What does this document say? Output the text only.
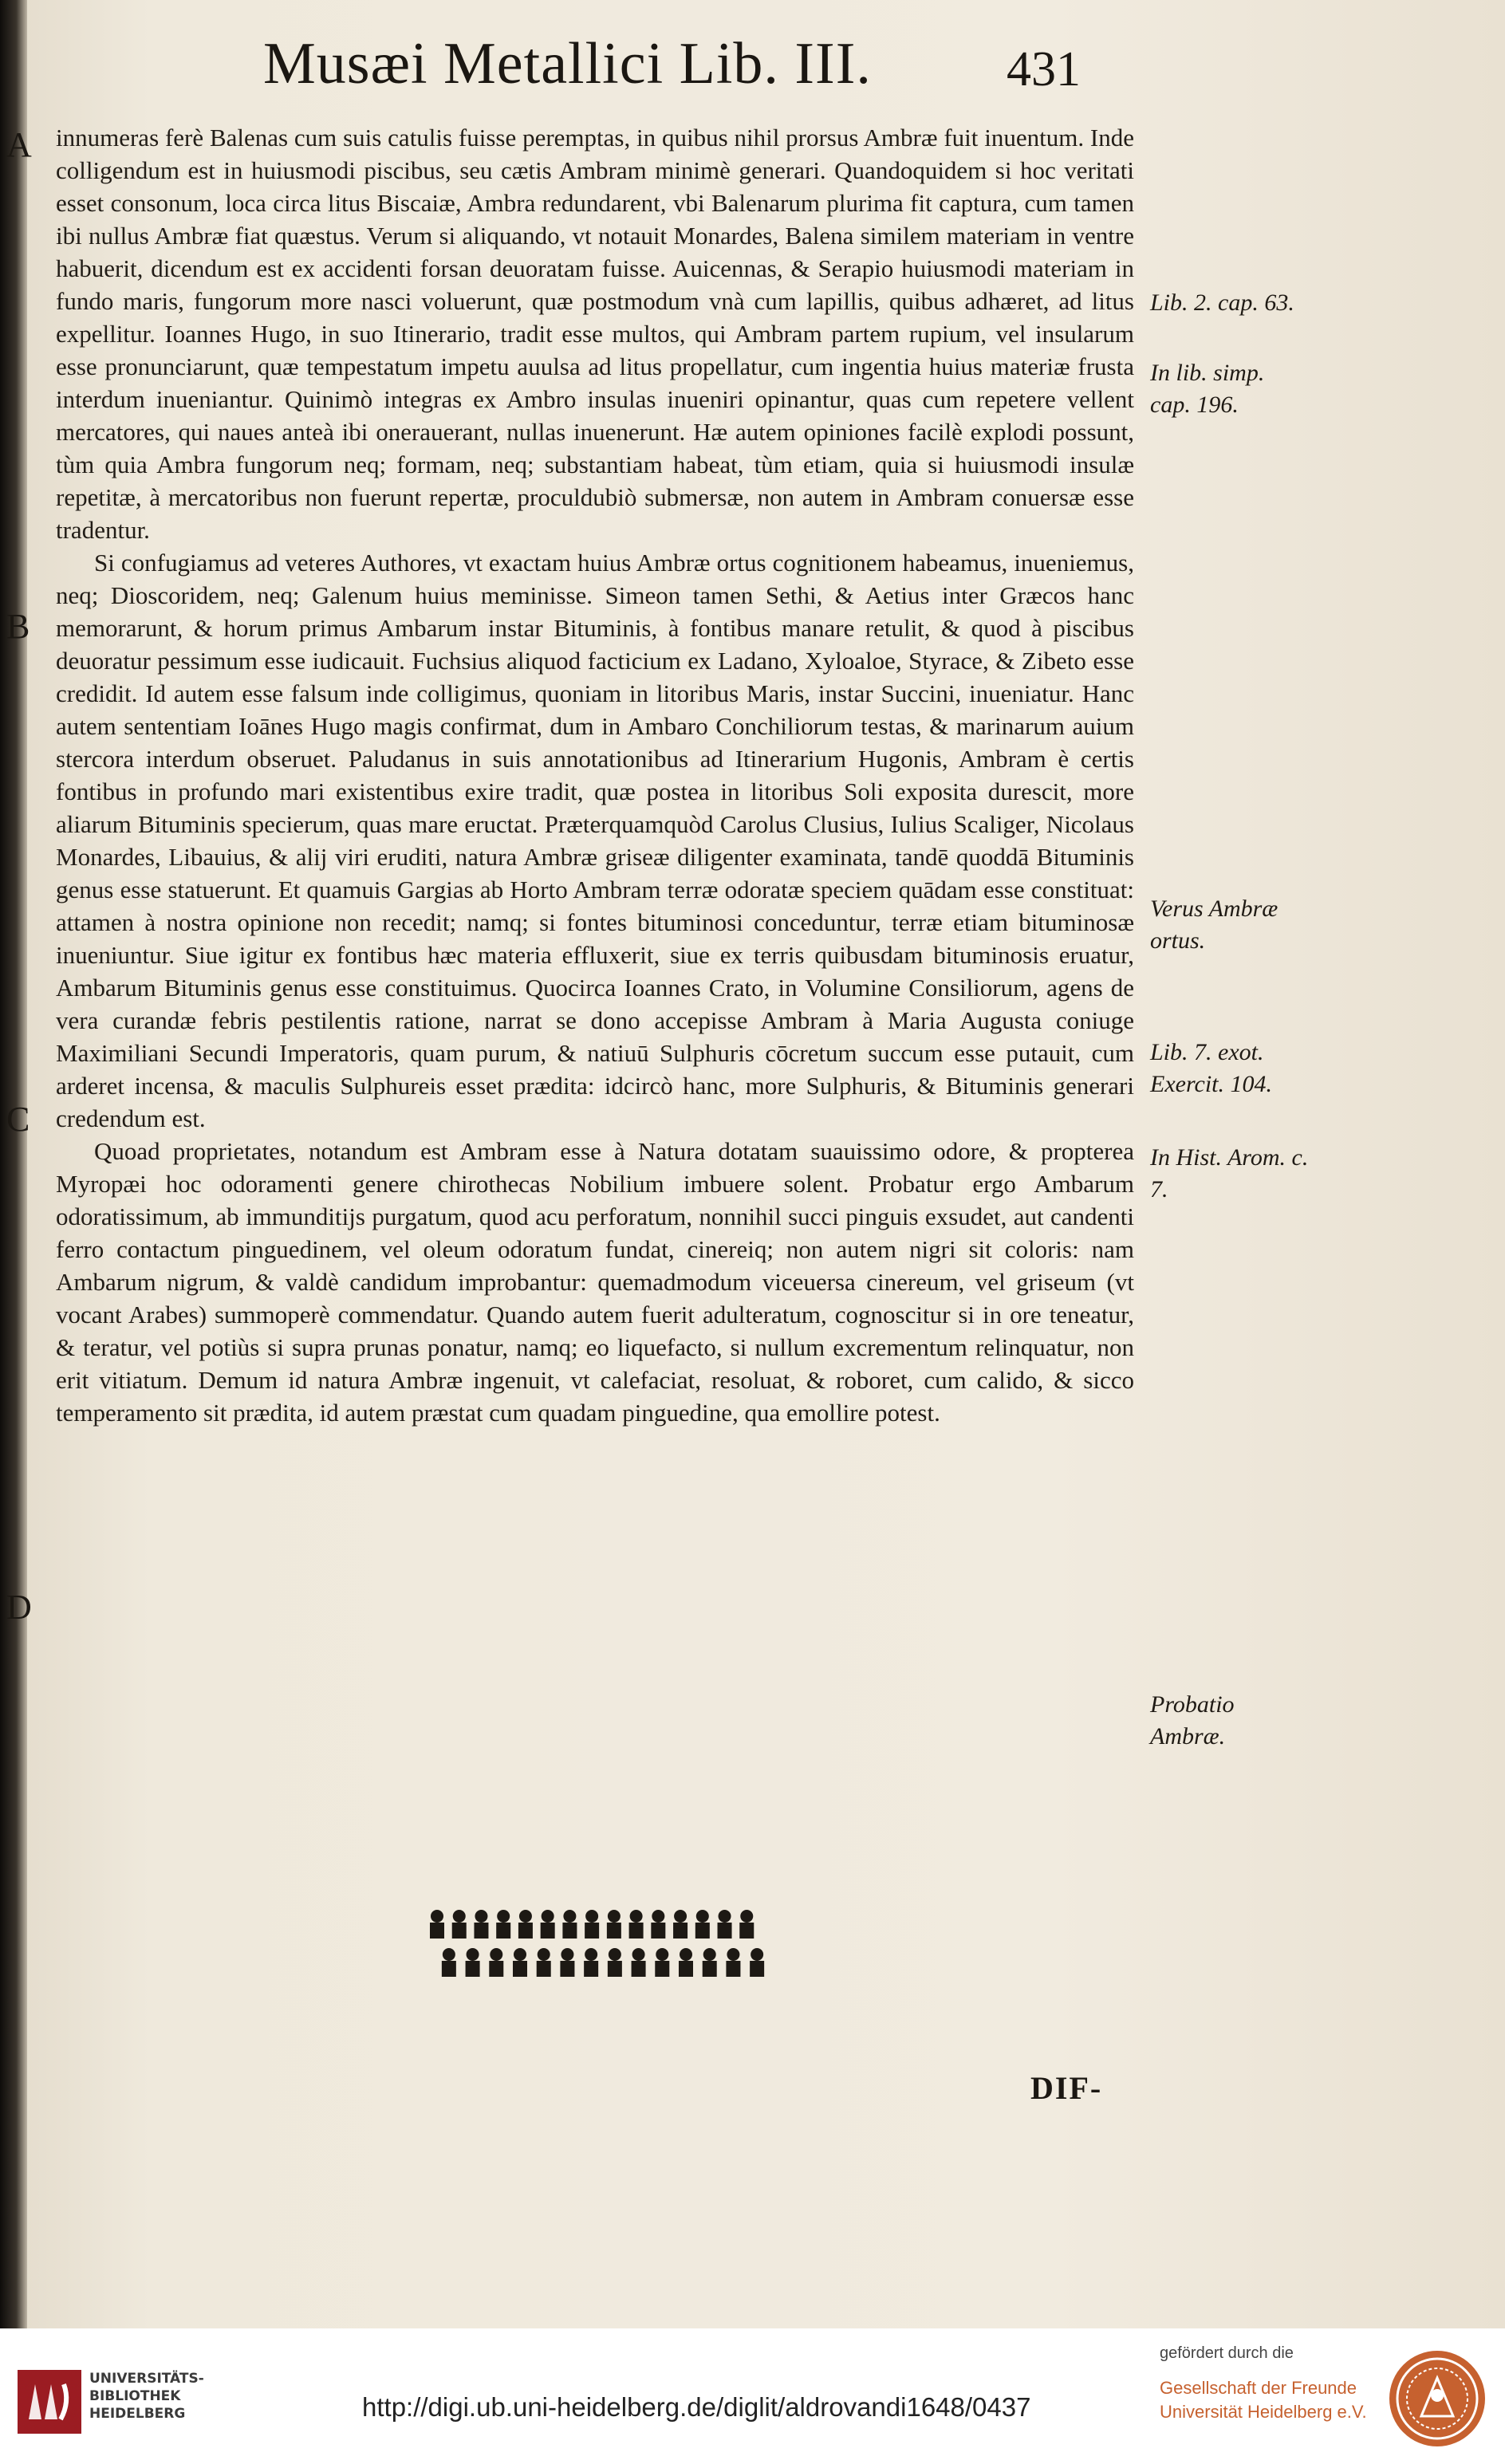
Musæi Metallici Lib. III.	431
A
B
C
D

innumeras ferè Balenas cum suis catulis fuisse peremptas, in quibus nihil prorsus Ambræ fuit inuentum. Inde colligendum est in huiusmodi piscibus, seu cætis Ambram minimè generari. Quandoquidem si hoc veritati esset consonum, loca circa litus Biscaiæ, Ambra redundarent, vbi Balenarum plurima fit captura, cum tamen ibi nullus Ambræ fiat quæstus. Verum si aliquando, vt notauit Monardes, Balena similem materiam in ventre habuerit, dicendum est ex accidenti forsan deuoratam fuisse. Auicennas, & Serapio huiusmodi materiam in fundo maris, fungorum more nasci voluerunt, quæ postmodum vnà cum lapillis, quibus adhæret, ad litus expellitur. Ioannes Hugo, in suo Itinerario, tradit esse multos, qui Ambram partem rupium, vel insularum esse pronunciarunt, quæ tempestatum impetu auulsa ad litus propellatur, cum ingentia huius materiæ frusta interdum inueniantur. Quinimò integras ex Ambro insulas inueniri opinantur, quas cum repetere vellent mercatores, qui naues anteà ibi onerauerant, nullas inuenerunt. Hæ autem opiniones facilè explodi possunt, tùm quia Ambra fungorum neq; formam, neq; substantiam habeat, tùm etiam, quia si huiusmodi insulæ repetitæ, à mercatoribus non fuerunt repertæ, proculdubiò submersæ, non autem in Ambram conuersæ esse tradentur.

Si confugiamus ad veteres Authores, vt exactam huius Ambræ ortus cognitionem habeamus, inueniemus, neq; Dioscoridem, neq; Galenum huius meminisse. Simeon tamen Sethi, & Aetius inter Græcos hanc memorarunt, & horum primus Ambarum instar Bituminis, à fontibus manare retulit, & quod à piscibus deuoratur pessimum esse iudicauit. Fuchsius aliquod facticium ex Ladano, Xyloaloe, Styrace, & Zibeto esse credidit. Id autem esse falsum inde colligimus, quoniam in litoribus Maris, instar Succini, inueniatur. Hanc autem sententiam Ioānes Hugo magis confirmat, dum in Ambaro Conchiliorum testas, & marinarum auium stercora interdum obseruet. Paludanus in suis annotationibus ad Itinerarium Hugonis, Ambram è certis fontibus in profundo mari existentibus exire tradit, quæ postea in litoribus Soli exposita durescit, more aliarum Bituminis specierum, quas mare eructat. Præterquamquòd Carolus Clusius, Iulius Scaliger, Nicolaus Monardes, Libauius, & alij viri eruditi, natura Ambræ griseæ diligenter examinata, tandē quoddā Bituminis genus esse statuerunt. Et quamuis Gargias ab Horto Ambram terræ odoratæ speciem quādam esse constituat: attamen à nostra opinione non recedit; namq; si fontes bituminosi conceduntur, terræ etiam bituminosæ inueniuntur. Siue igitur ex fontibus hæc materia effluxerit, siue ex terris quibusdam bituminosis eruatur, Ambarum Bituminis genus esse constituimus. Quocirca Ioannes Crato, in Volumine Consiliorum, agens de vera curandæ febris pestilentis ratione, narrat se dono accepisse Ambram à Maria Augusta coniuge Maximiliani Secundi Imperatoris, quam purum, & natiuū Sulphuris cōcretum succum esse putauit, cum arderet incensa, & maculis Sulphureis esset prædita: idcircò hanc, more Sulphuris, & Bituminis generari credendum est.

Quoad proprietates, notandum est Ambram esse à Natura dotatam suauissimo odore, & propterea Myropæi hoc odoramenti genere chirothecas Nobilium imbuere solent. Probatur ergo Ambarum odoratissimum, ab immunditijs purgatum, quod acu perforatum, nonnihil succi pinguis exsudet, aut candenti ferro contactum pinguedinem, vel oleum odoratum fundat, cinereiq; non autem nigri sit coloris: nam Ambarum nigrum, & valdè candidum improbantur: quemadmodum viceuersa cinereum, vel griseum (vt vocant Arabes) summoperè commendatur. Quando autem fuerit adulteratum, cognoscitur si in ore teneatur, & teratur, vel potiùs si supra prunas ponatur, namq; eo liquefacto, si nullum excrementum relinquatur, non erit vitiatum. Demum id natura Ambræ ingenuit, vt calefaciat, resoluat, & roboret, cum calido, & sicco temperamento sit prædita, id autem præstat cum quadam pinguedine, qua emollire potest.

Lib. 2. cap. 63.
In lib. simp. cap. 196.
Verus Ambræ ortus.
Lib. 7. exot. Exercit. 104.
In Hist. Arom. c. 7.
Probatio Ambræ.
DIF-
UNIVERSITÄTS-BIBLIOTHEK HEIDELBERG	http://digi.ub.uni-heidelberg.de/diglit/aldrovandi1648/0437
gefördert durch die
Gesellschaft der Freunde Universität Heidelberg e.V.
